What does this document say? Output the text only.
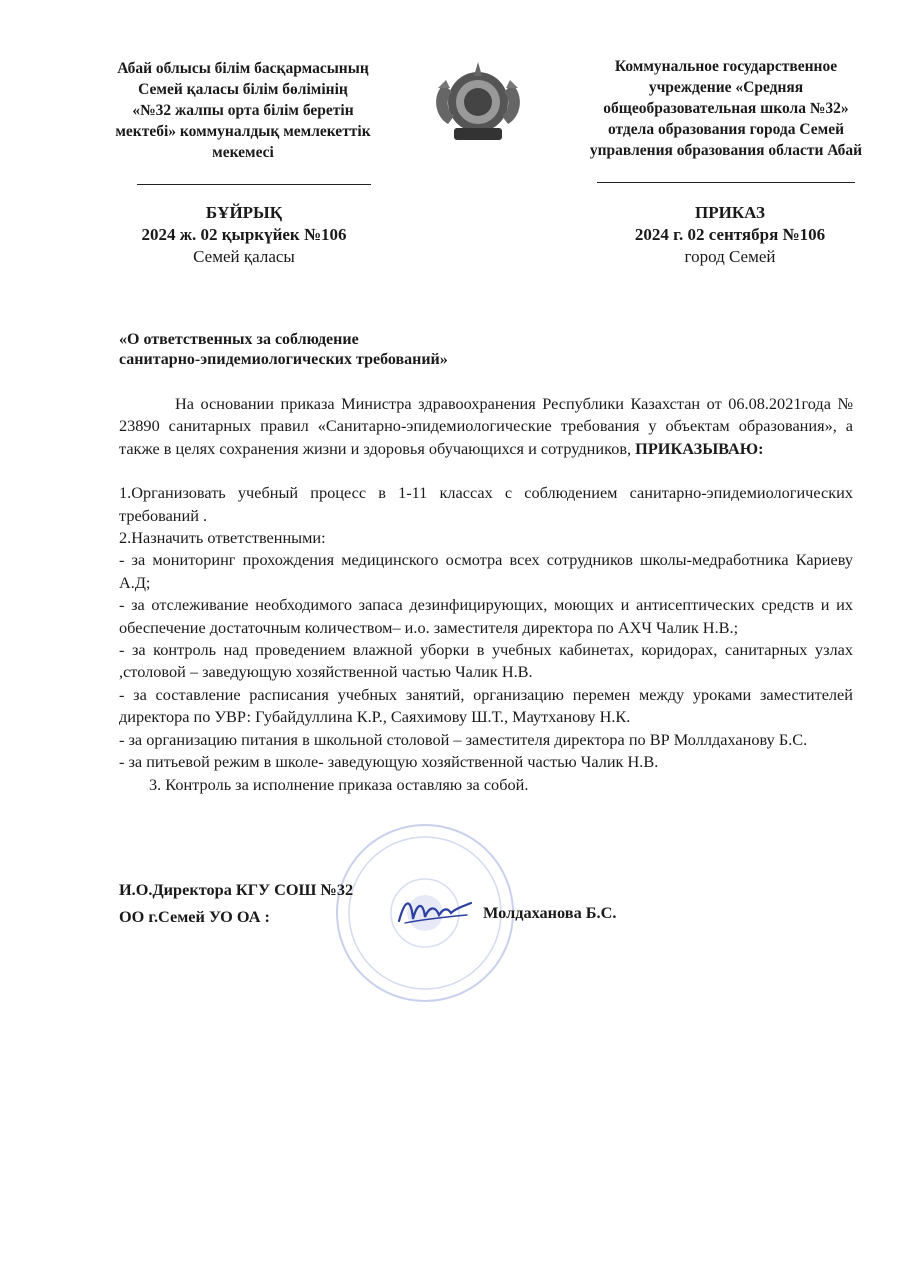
Абай облысы білім басқармасының
Семей қаласы білім бөлімінің
«№32 жалпы орта білім беретін
мектебі» коммуналдық мемлекеттік
мекемесі
Коммунальное государственное
учреждение «Средняя
общеобразовательная школа №32»
отдела образования города Семей
управления образования области Абай
БҰЙРЫҚ
2024 ж. 02 қыркүйек №106
Семей қаласы
ПРИКАЗ
2024 г. 02 сентября №106
город Семей
«О ответственных за соблюдение
санитарно-эпидемиологических требований»

На основании приказа Министра здравоохранения Республики Казахстан от 06.08.2021года № 23890 санитарных правил «Санитарно-эпидемиологические требования у объектам образования», а также в целях сохранения жизни и здоровья обучающихся и сотрудников, ПРИКАЗЫВАЮ:

1.Организовать учебный процесс в 1-11 классах с соблюдением санитарно-эпидемиологических требований .

2.Назначить ответственными:

- за мониторинг прохождения медицинского осмотра всех сотрудников школы-медработника Кариеву А.Д;

- за отслеживание необходимого запаса дезинфицирующих, моющих и антисептических средств и их обеспечение достаточным количеством– и.о. заместителя директора по АХЧ Чалик Н.В.;

- за контроль над проведением влажной уборки в учебных кабинетах, коридорах, санитарных узлах ,столовой – заведующую хозяйственной частью Чалик Н.В.

- за составление расписания учебных занятий, организацию перемен между уроками заместителей директора по УВР: Губайдуллина К.Р., Саяхимову Ш.Т., Маутханову Н.К.

- за организацию питания в школьной столовой – заместителя директора по ВР Моллдаханову Б.С.

- за питьевой режим в школе- заведующую хозяйственной частью Чалик Н.В.

3. Контроль за исполнение приказа оставляю за собой.

И.О.Директора КГУ СОШ №32
ОО г.Семей УО ОА :	Молдаханова Б.С.
